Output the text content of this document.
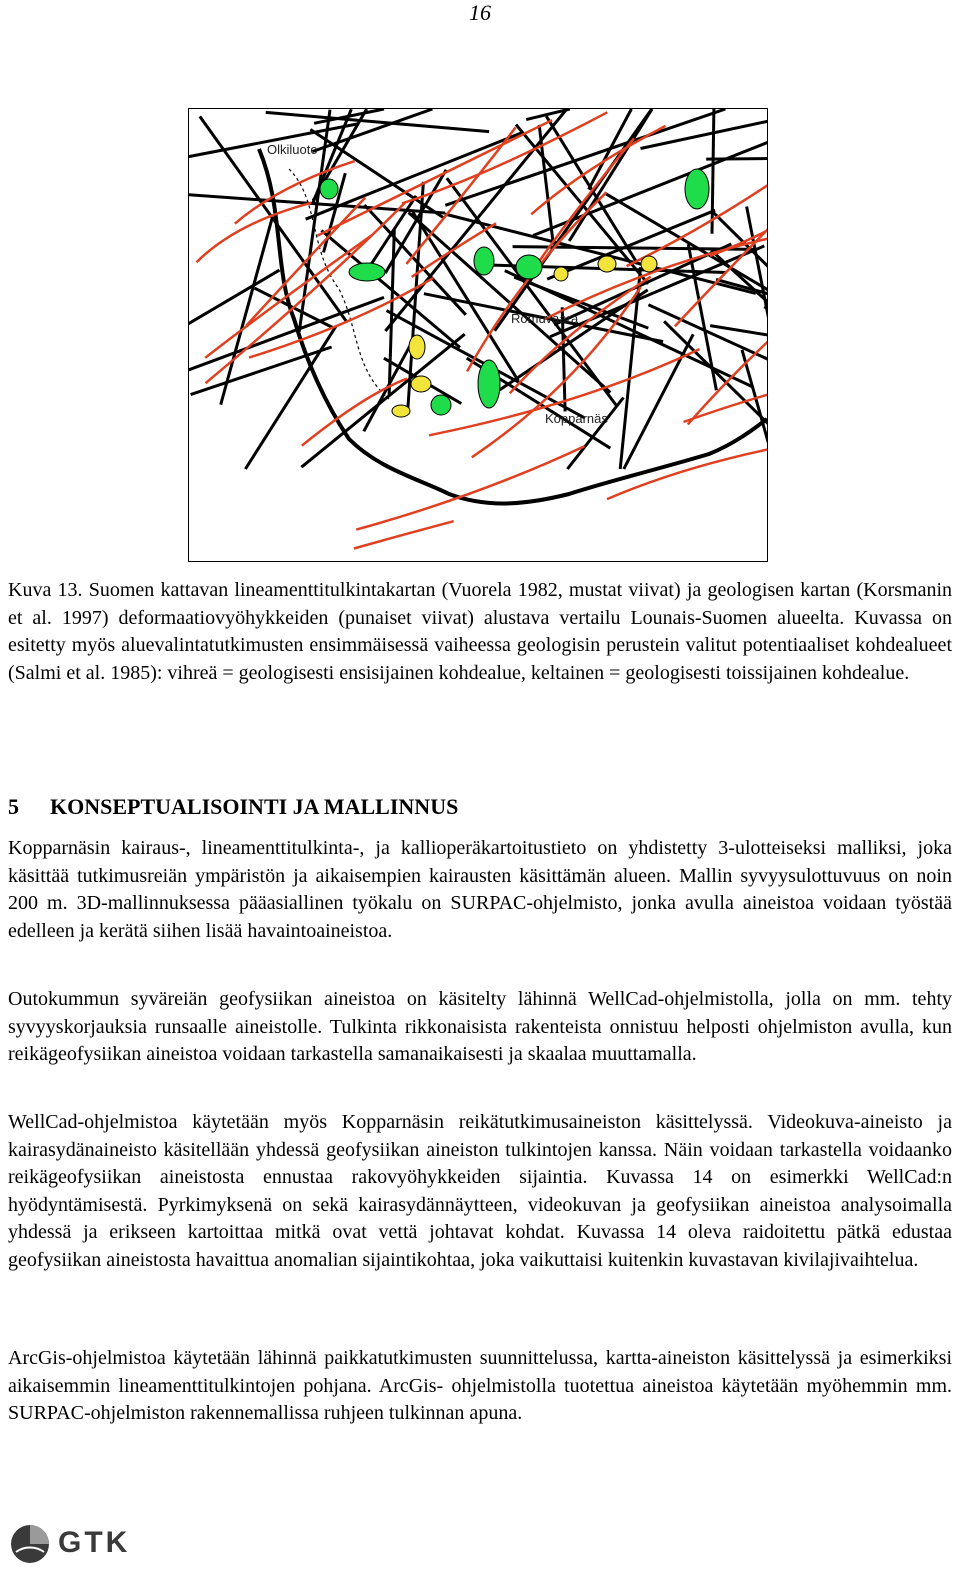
16
Olkiluoto
Romuvaara
Kopparnäs
Kuva 13. Suomen kattavan lineamenttitulkintakartan (Vuorela 1982, mustat viivat) ja geologisen kartan (Korsmanin et al. 1997) deformaatiovyöhykkeiden (punaiset viivat) alustava vertailu Lounais-Suomen alueelta. Kuvassa on esitetty myös aluevalintatutkimusten ensimmäisessä vaiheessa geologisin perustein valitut potentiaaliset kohdealueet (Salmi et al. 1985): vihreä = geologisesti ensisijainen kohdealue, keltainen = geologisesti toissijainen kohdealue.
5 KONSEPTUALISOINTI JA MALLINNUS
Kopparnäsin kairaus-, lineamenttitulkinta-, ja kallioperäkartoitustieto on yhdistetty 3-ulotteiseksi malliksi, joka käsittää tutkimusreiän ympäristön ja aikaisempien kairausten käsittämän alueen. Mallin syvyysulottuvuus on noin 200 m. 3D-mallinnuksessa pääasiallinen työkalu on SURPAC-ohjelmisto, jonka avulla aineistoa voidaan työstää edelleen ja kerätä siihen lisää havaintoaineistoa.
Outokummun syväreiän geofysiikan aineistoa on käsitelty lähinnä WellCad-ohjelmistolla, jolla on mm. tehty syvyyskorjauksia runsaalle aineistolle. Tulkinta rikkonaisista rakenteista onnistuu helposti ohjelmiston avulla, kun reikägeofysiikan aineistoa voidaan tarkastella samanaikaisesti ja skaalaa muuttamalla.
WellCad-ohjelmistoa käytetään myös Kopparnäsin reikätutkimusaineiston käsittelyssä. Videokuva-aineisto ja kairasydänaineisto käsitellään yhdessä geofysiikan aineiston tulkintojen kanssa. Näin voidaan tarkastella voidaanko reikägeofysiikan aineistosta ennustaa rakovyöhykkeiden sijaintia. Kuvassa 14 on esimerkki WellCad:n hyödyntämisestä. Pyrkimyksenä on sekä kairasydännäytteen, videokuvan ja geofysiikan aineistoa analysoimalla yhdessä ja erikseen kartoittaa mitkä ovat vettä johtavat kohdat. Kuvassa 14 oleva raidoitettu pätkä edustaa geofysiikan aineistosta havaittua anomalian sijaintikohtaa, joka vaikuttaisi kuitenkin kuvastavan kivilajivaihtelua.
ArcGis-ohjelmistoa käytetään lähinnä paikkatutkimusten suunnittelussa, kartta-aineiston käsittelyssä ja esimerkiksi aikaisemmin lineamenttitulkintojen pohjana. ArcGis- ohjelmistolla tuotettua aineistoa käytetään myöhemmin mm. SURPAC-ohjelmiston rakennemallissa ruhjeen tulkinnan apuna.
GTK
